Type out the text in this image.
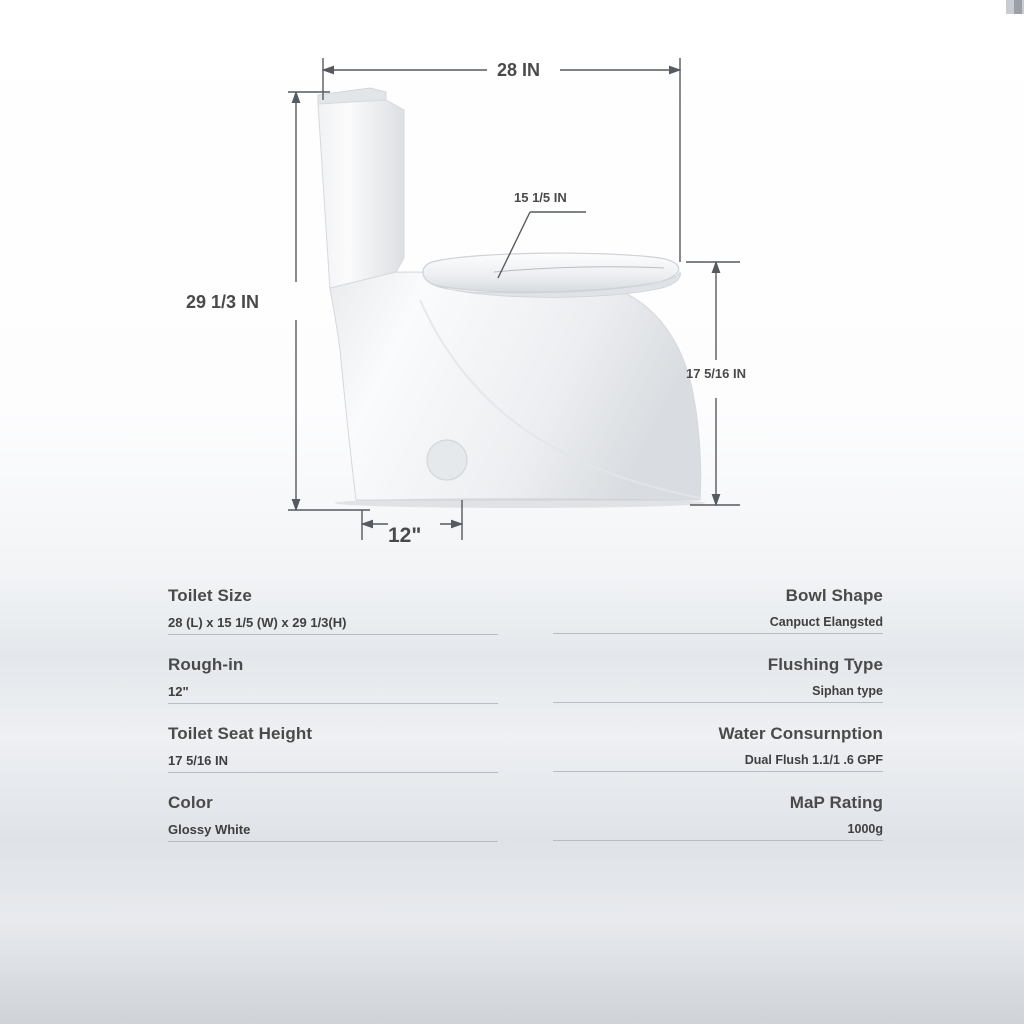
28 IN
29 1/3 IN
15 1/5 IN
17 5/16 IN
12"
Toilet Size
28 (L) x 15 1/5 (W) x 29 1/3(H)
Bowl Shape
Canpuct Elangsted
Rough-in
12"
Flushing Type
Siphan type
Toilet Seat Height
17 5/16 IN
Water Consurnption
Dual Flush 1.1/1 .6 GPF
Color
Glossy White
MaP Rating
1000g
